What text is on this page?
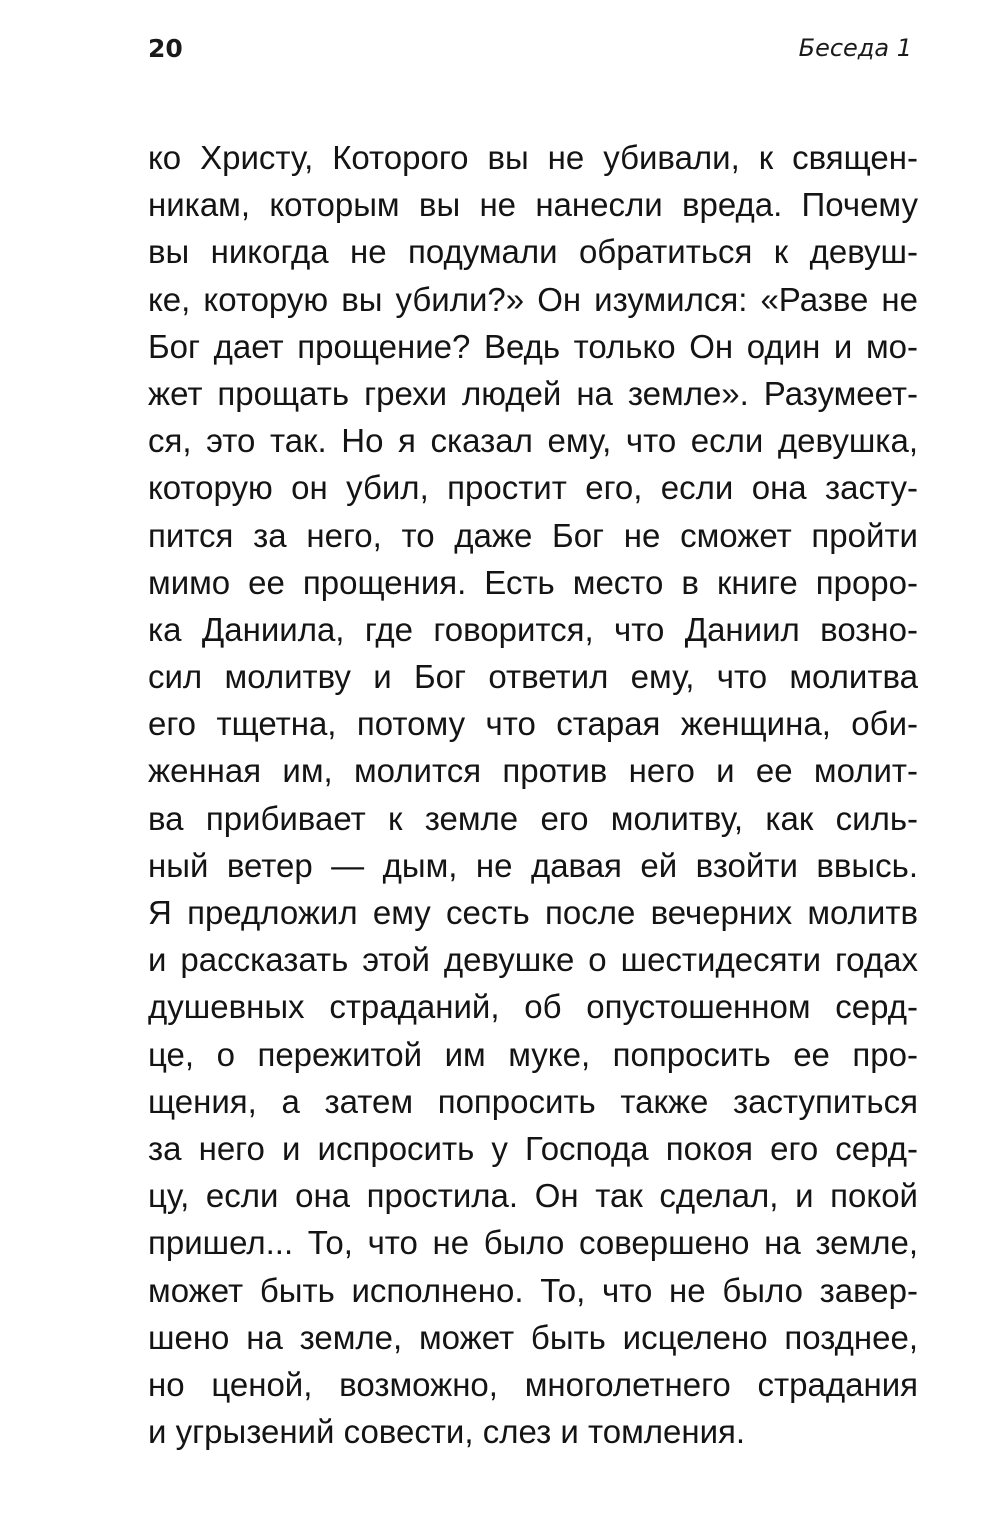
20	Беседа 1
ко Христу, Которого вы не убивали, к священ-
никам, которым вы не нанесли вреда. Почему
вы никогда не подумали обратиться к девуш-
ке, которую вы убили?» Он изумился: «Разве не
Бог дает прощение? Ведь только Он один и мо-
жет прощать грехи людей на земле». Разумеет-
ся, это так. Но я сказал ему, что если девушка,
которую он убил, простит его, если она засту-
пится за него, то даже Бог не сможет пройти
мимо ее прощения. Есть место в книге проро-
ка Даниила, где говорится, что Даниил возно-
сил молитву и Бог ответил ему, что молитва
его тщетна, потому что старая женщина, оби-
женная им, молится против него и ее молит-
ва прибивает к земле его молитву, как силь-
ный ветер — дым, не давая ей взойти ввысь.
Я предложил ему сесть после вечерних молитв
и рассказать этой девушке о шестидесяти годах
душевных страданий, об опустошенном серд-
це, о пережитой им муке, попросить ее про-
щения, а затем попросить также заступиться
за него и испросить у Господа покоя его серд-
цу, если она простила. Он так сделал, и покой
пришел... То, что не было совершено на земле,
может быть исполнено. То, что не было завер-
шено на земле, может быть исцелено позднее,
но ценой, возможно, многолетнего страдания
и угрызений совести, слез и томления.
